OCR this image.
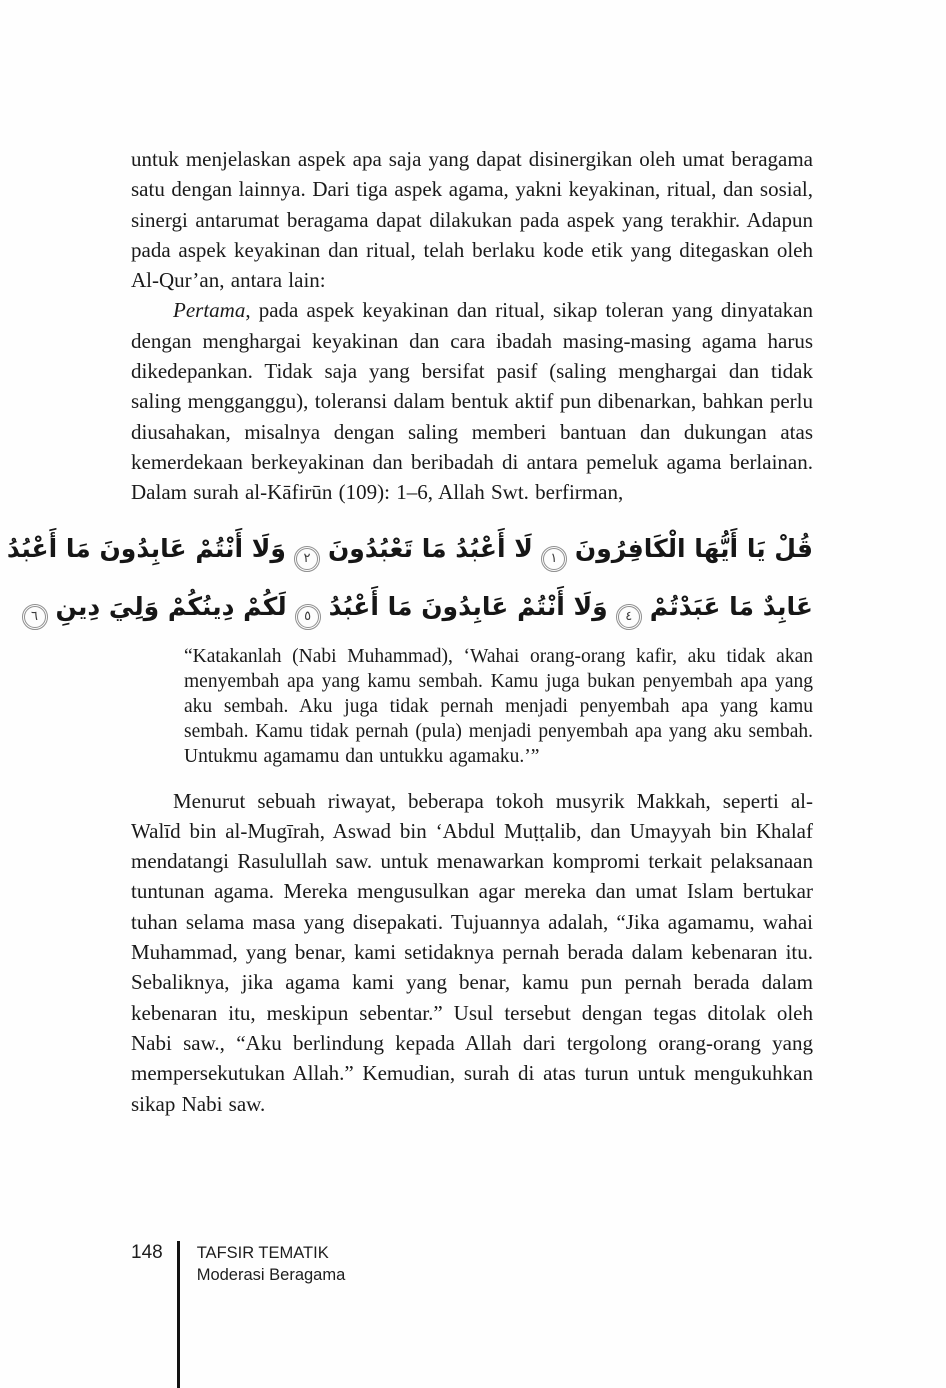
untuk menjelaskan aspek apa saja yang dapat disinergikan oleh umat beragama satu dengan lainnya. Dari tiga aspek agama, yakni keyakinan, ritual, dan sosial, sinergi antarumat beragama dapat dilakukan pada aspek yang terakhir. Adapun pada aspek keyakinan dan ritual, telah berlaku kode etik yang ditegaskan oleh Al-Qur’an, antara lain:

Pertama, pada aspek keyakinan dan ritual, sikap toleran yang dinyatakan dengan menghargai keyakinan dan cara ibadah masing-masing agama harus dikedepankan. Tidak saja yang bersifat pasif (saling menghargai dan tidak saling mengganggu), toleransi dalam bentuk aktif pun dibenarkan, bahkan perlu diusahakan, misalnya dengan saling memberi bantuan dan dukungan atas kemerdekaan berkeyakinan dan beribadah di antara pemeluk agama berlainan. Dalam surah al-Kāfirūn (109): 1–6, Allah Swt. berfirman,

قُلْ يَا أَيُّهَا الْكَافِرُونَ١لَا أَعْبُدُ مَا تَعْبُدُونَ٢وَلَا أَنْتُمْ عَابِدُونَ مَا أَعْبُدُ
عَابِدٌ مَا عَبَدْتُمْ٤وَلَا أَنْتُمْ عَابِدُونَ مَا أَعْبُدُ٥لَكُمْ دِينُكُمْ وَلِيَ دِينِ٦

“Katakanlah (Nabi Muhammad), ‘Wahai orang-orang kafir, aku tidak akan menyembah apa yang kamu sembah. Kamu juga bukan penyembah apa yang aku sembah. Aku juga tidak pernah menjadi penyembah apa yang kamu sembah. Kamu tidak pernah (pula) menjadi penyembah apa yang aku sembah. Untukmu agamamu dan untukku agamaku.’”

Menurut sebuah riwayat, beberapa tokoh musyrik Makkah, seperti al-Walīd bin al-Mugīrah, Aswad bin ‘Abdul Muṭṭalib, dan Umayyah bin Khalaf mendatangi Rasulullah saw. untuk menawarkan kompromi terkait pelaksanaan tuntunan agama. Mereka mengusulkan agar mereka dan umat Islam bertukar tuhan selama masa yang disepakati. Tujuannya adalah, “Jika agamamu, wahai Muhammad, yang benar, kami setidaknya pernah berada dalam kebenaran itu. Sebaliknya, jika agama kami yang benar, kamu pun pernah berada dalam kebenaran itu, meskipun sebentar.” Usul tersebut dengan tegas ditolak oleh Nabi saw., “Aku berlindung kepada Allah dari tergolong orang-orang yang mempersekutukan Allah.” Kemudian, surah di atas turun untuk mengukuhkan sikap Nabi saw.

148 TAFSIR TEMATIK
Moderasi Beragama
